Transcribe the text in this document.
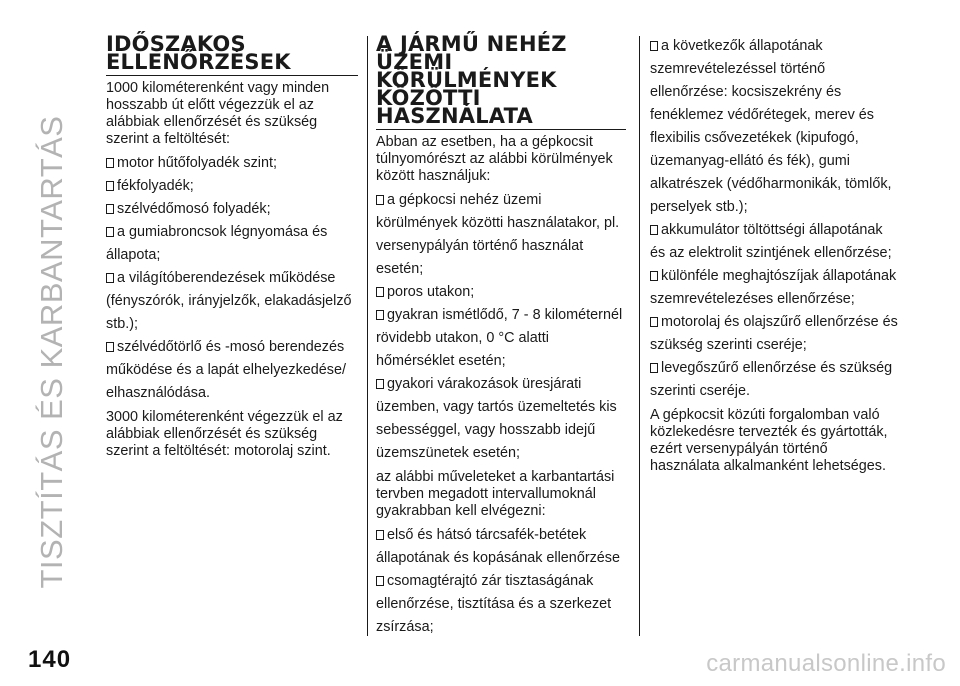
TISZTÍTÁS ÉS KARBANTARTÁS
IDŐSZAKOS ELLENŐRZÉSEK

1000 kilométerenként vagy minden hosszabb út előtt végezzük el az alábbiak ellenőrzését és szükség szerint a feltöltését:

motor hűtőfolyadék szint;
fékfolyadék;
szélvédőmosó folyadék;
a gumiabroncsok légnyomása és állapota;
a világítóberendezések működése (fényszórók, irányjelzők, elakadásjelző stb.);
szélvédőtörlő és -mosó berendezés működése és a lapát elhelyezkedése/ elhasználódása.

3000 kilométerenként végezzük el az alábbiak ellenőrzését és szükség szerint a feltöltését: motorolaj szint.

A JÁRMŰ NEHÉZ ÜZEMI KÖRÜLMÉNYEK KÖZÖTTI HASZNÁLATA

Abban az esetben, ha a gépkocsit túlnyomórészt az alábbi körülmények között használjuk:

a gépkocsi nehéz üzemi körülmények közötti használatakor, pl. versenypályán történő használat esetén;
poros utakon;
gyakran ismétlődő, 7 - 8 kilométernél rövidebb utakon, 0 °C alatti hőmérséklet esetén;
gyakori várakozások üresjárati üzemben, vagy tartós üzemeltetés kis sebességgel, vagy hosszabb idejű üzemszünetek esetén;

az alábbi műveleteket a karbantartási tervben megadott intervallumoknál gyakrabban kell elvégezni:

első és hátsó tárcsafék-betétek állapotának és kopásának ellenőrzése
csomagtérajtó zár tisztaságának ellenőrzése, tisztítása és a szerkezet zsírzása;
a következők állapotának szemrevételezéssel történő ellenőrzése: kocsiszekrény és fenéklemez védőrétegek, merev és flexibilis csővezetékek (kipufogó, üzemanyag-ellátó és fék), gumi alkatrészek (védőharmonikák, tömlők, perselyek stb.);
akkumulátor töltöttségi állapotának és az elektrolit szintjének ellenőrzése;
különféle meghajtószíjak állapotának szemrevételezéses ellenőrzése;
motorolaj és olajszűrő ellenőrzése és szükség szerinti cseréje;
levegőszűrő ellenőrzése és szükség szerinti cseréje.

A gépkocsit közúti forgalomban való közlekedésre tervezték és gyártották, ezért versenypályán történő használata alkalmanként lehetséges.

140	carmanualsonline.info
